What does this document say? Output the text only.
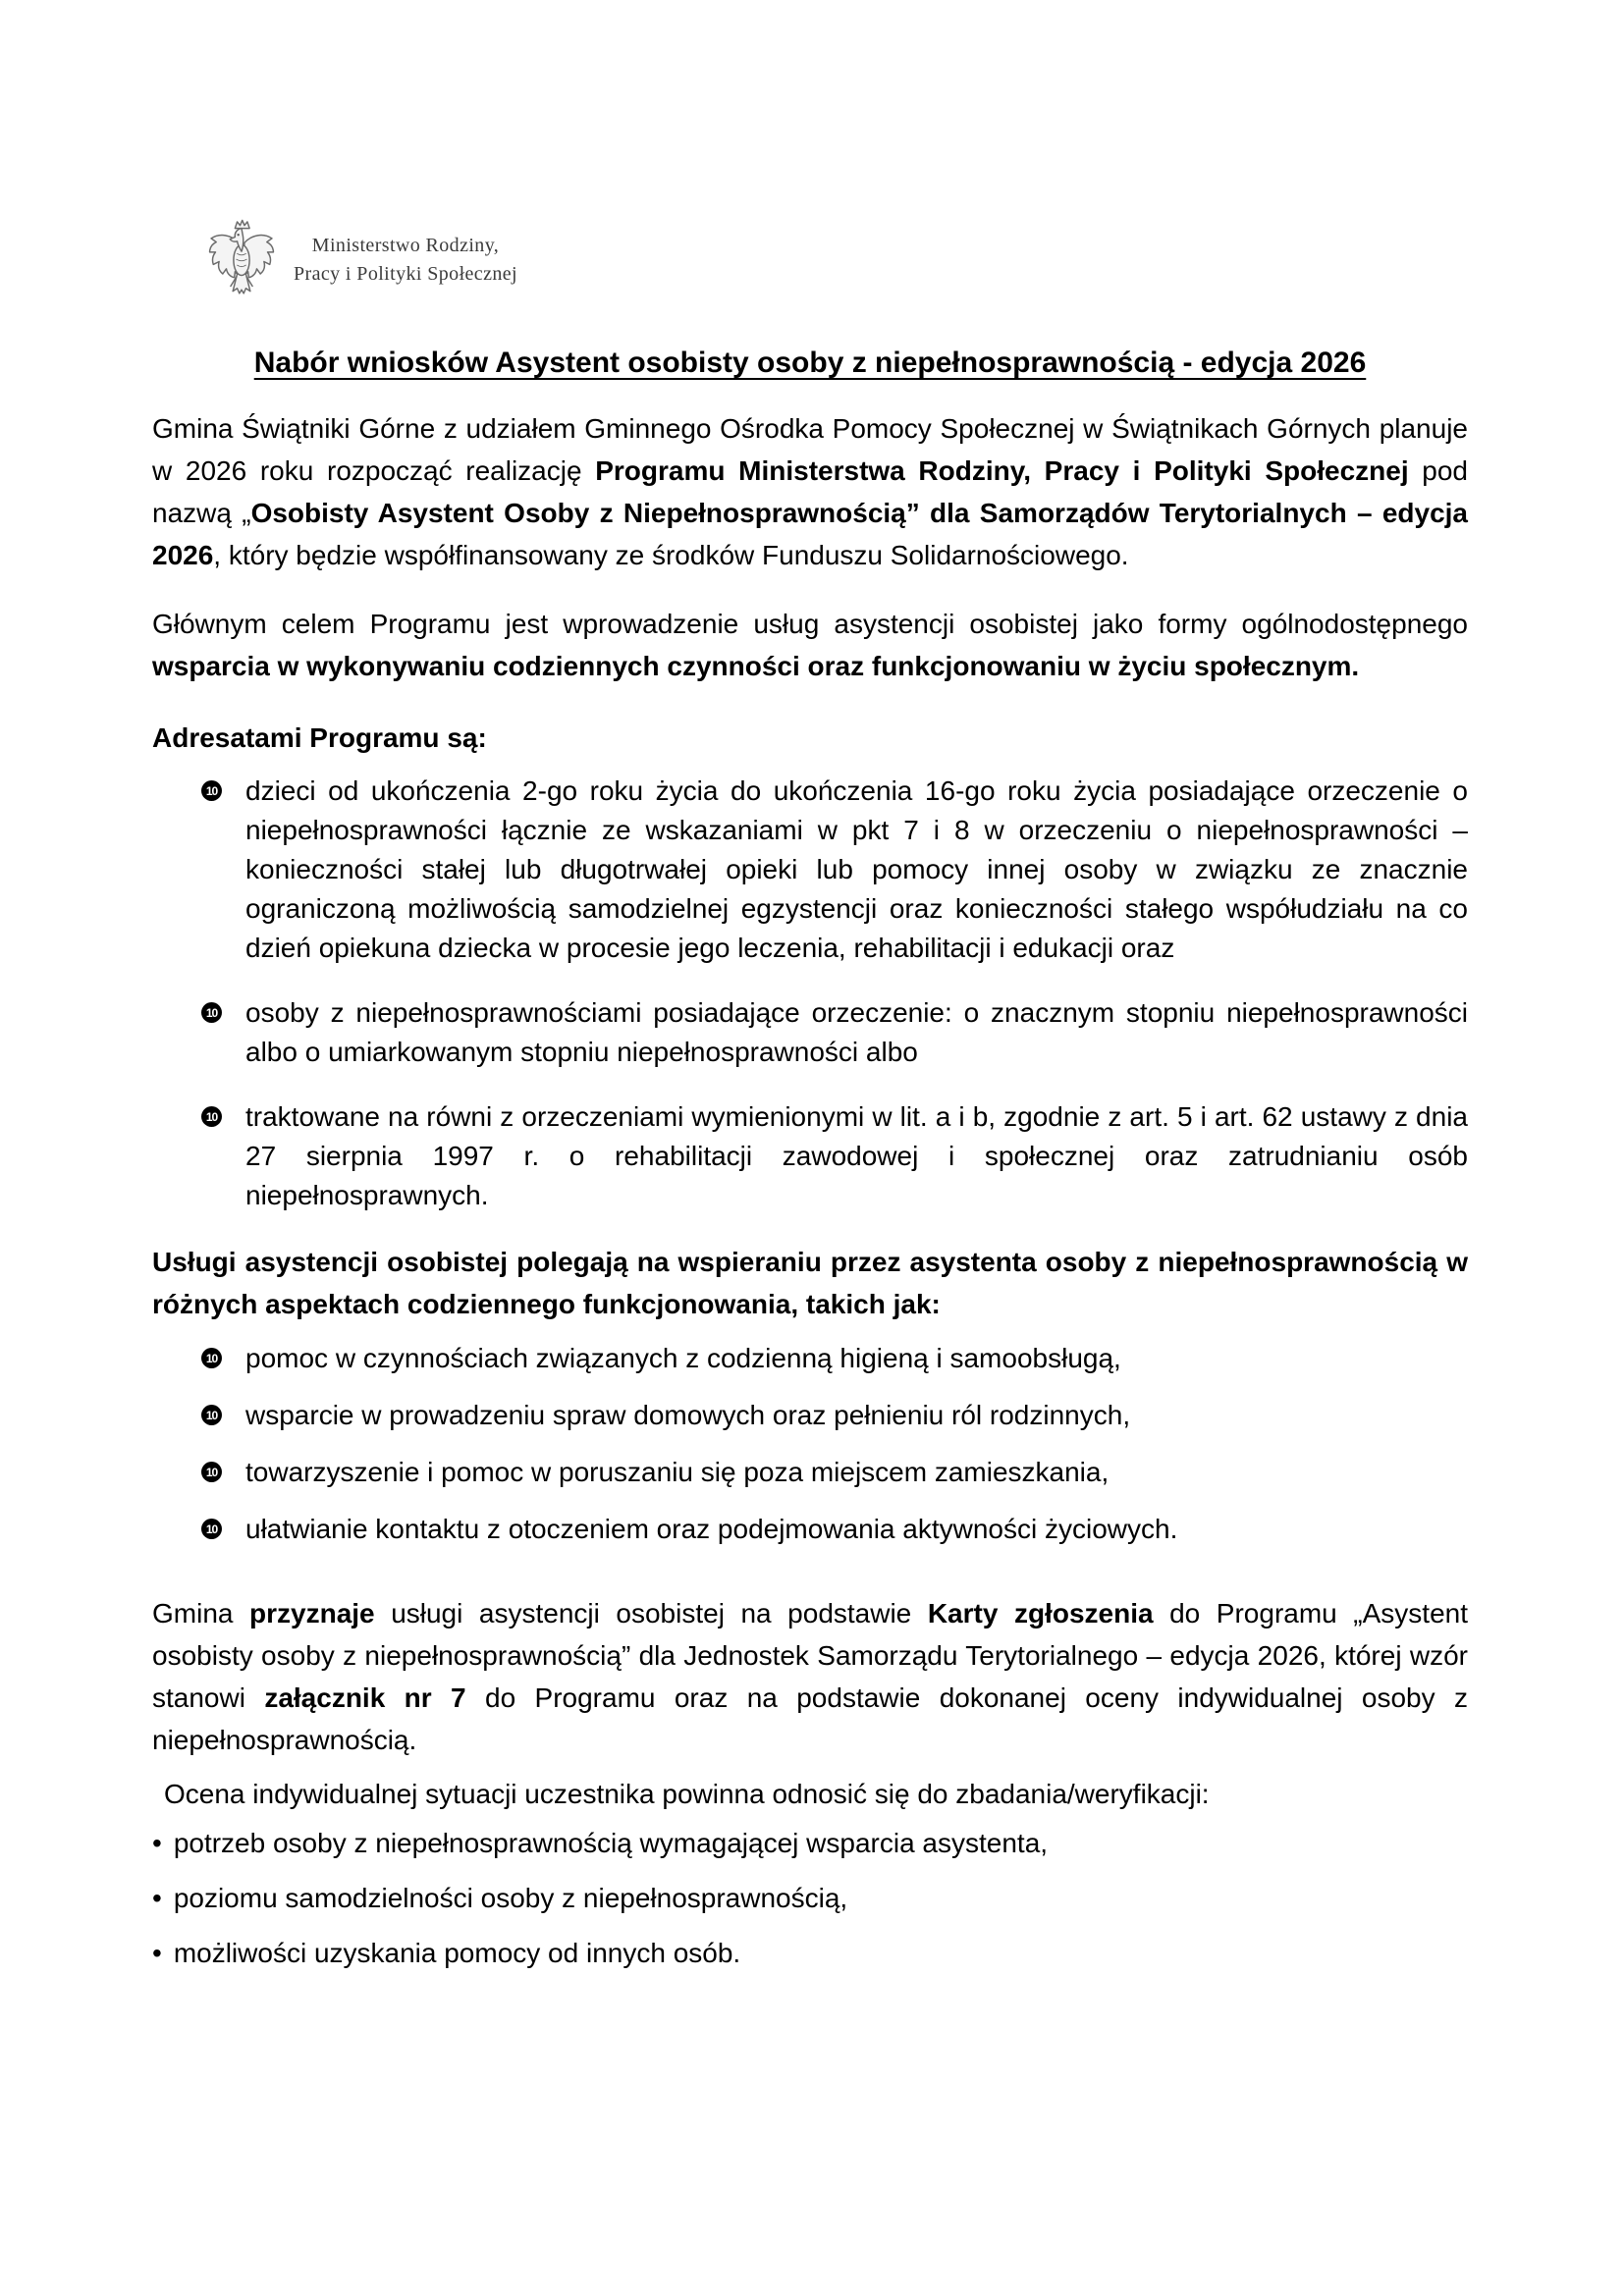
Ministerstwo Rodziny,
Pracy i Polityki Społecznej
Nabór wniosków Asystent osobisty osoby z niepełnosprawnością - edycja 2026

Gmina Świątniki Górne z udziałem Gminnego Ośrodka Pomocy Społecznej w Świątnikach Górnych planuje w 2026 roku rozpocząć realizację Programu Ministerstwa Rodziny, Pracy i Polityki Społecznej pod nazwą „Osobisty Asystent Osoby z Niepełnosprawnością” dla Samorządów Terytorialnych – edycja 2026, który będzie współfinansowany ze środków Funduszu Solidarnościowego.

Głównym celem Programu jest wprowadzenie usług asystencji osobistej jako formy ogólnodostępnego wsparcia w wykonywaniu codziennych czynności oraz funkcjonowaniu w życiu społecznym.

Adresatami Programu są:

10 dzieci od ukończenia 2-go roku życia do ukończenia 16-go roku życia posiadające orzeczenie o niepełnosprawności łącznie ze wskazaniami w pkt 7 i 8 w orzeczeniu o niepełnosprawności – konieczności stałej lub długotrwałej opieki lub pomocy innej osoby w związku ze znacznie ograniczoną możliwością samodzielnej egzystencji oraz konieczności stałego współudziału na co dzień opiekuna dziecka w procesie jego leczenia, rehabilitacji i edukacji oraz
10 osoby z niepełnosprawnościami posiadające orzeczenie: o znacznym stopniu niepełnosprawności albo o umiarkowanym stopniu niepełnosprawności albo
10 traktowane na równi z orzeczeniami wymienionymi w lit. a i b, zgodnie z art. 5 i art. 62 ustawy z dnia 27 sierpnia 1997 r. o rehabilitacji zawodowej i społecznej oraz zatrudnianiu osób niepełnosprawnych.

Usługi asystencji osobistej polegają na wspieraniu przez asystenta osoby z niepełnosprawnością w różnych aspektach codziennego funkcjonowania, takich jak:

10 pomoc w czynnościach związanych z codzienną higieną i samoobsługą,
10 wsparcie w prowadzeniu spraw domowych oraz pełnieniu ról rodzinnych,
10 towarzyszenie i pomoc w poruszaniu się poza miejscem zamieszkania,
10 ułatwianie kontaktu z otoczeniem oraz podejmowania aktywności życiowych.

Gmina przyznaje usługi asystencji osobistej na podstawie Karty zgłoszenia do Programu „Asystent osobisty osoby z niepełnosprawnością” dla Jednostek Samorządu Terytorialnego – edycja 2026, której wzór stanowi załącznik nr 7 do Programu oraz na podstawie dokonanej oceny indywidualnej osoby z niepełnosprawnością.

Ocena indywidualnej sytuacji uczestnika powinna odnosić się do zbadania/weryfikacji:

• potrzeb osoby z niepełnosprawnością wymagającej wsparcia asystenta,
• poziomu samodzielności osoby z niepełnosprawnością,
• możliwości uzyskania pomocy od innych osób.
